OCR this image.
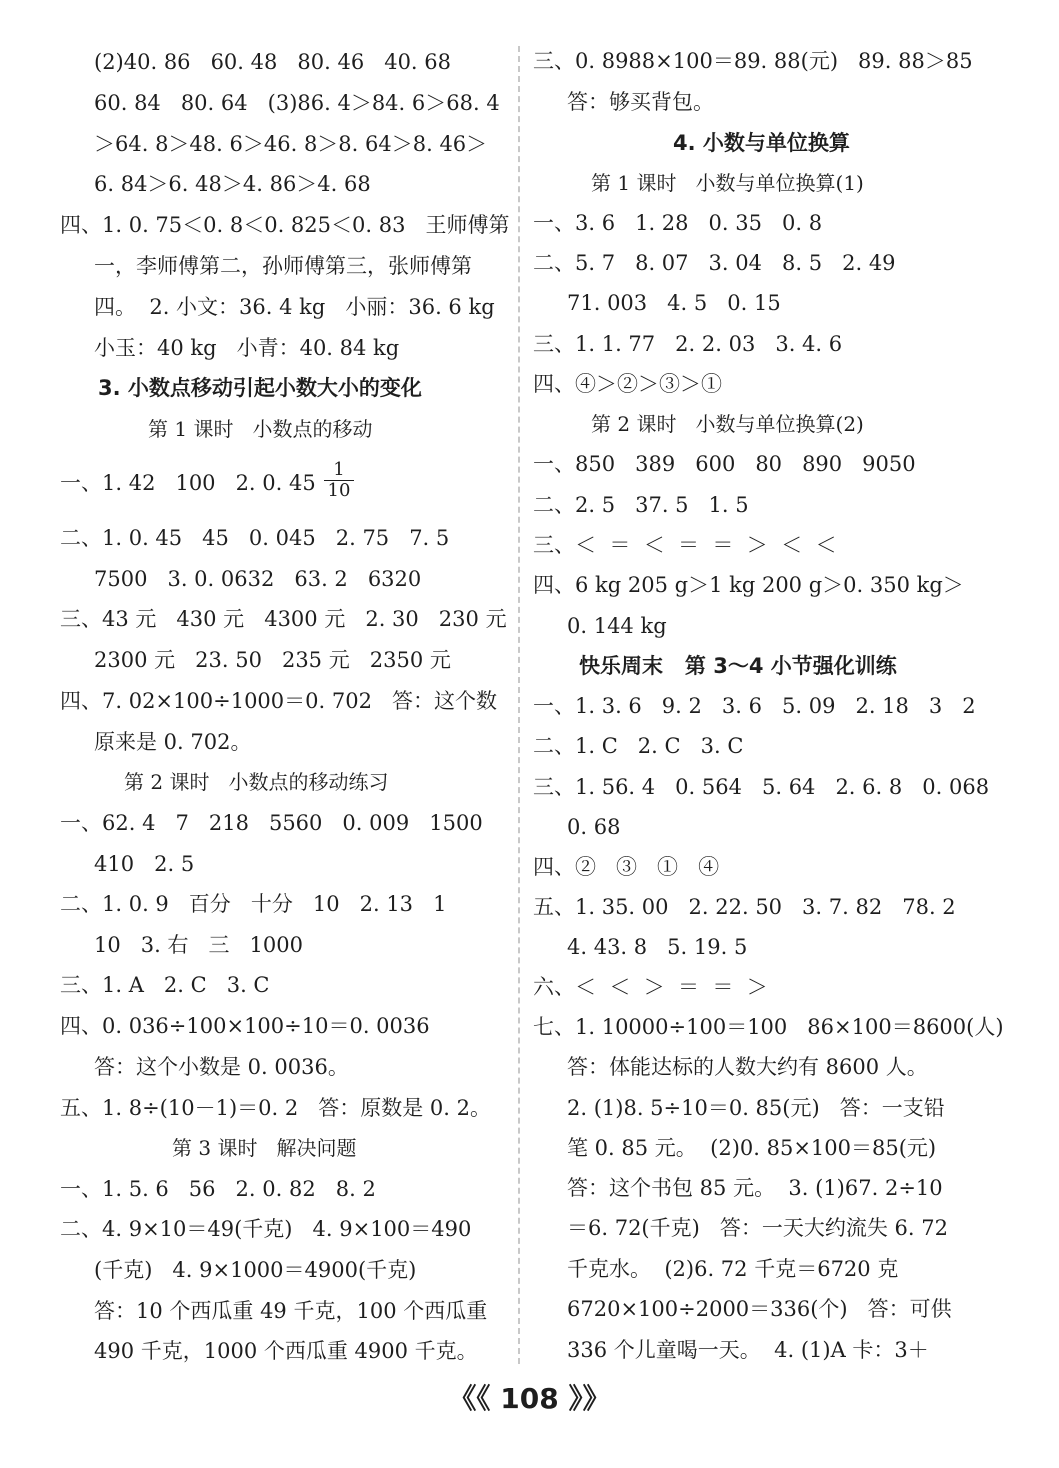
(2)40. 86   60. 48   80. 46   40. 68
60. 84   80. 64   (3)86. 4＞84. 6＞68. 4
＞64. 8＞48. 6＞46. 8＞8. 64＞8. 46＞
6. 84＞6. 48＞4. 86＞4. 68
四、1. 0. 75＜0. 8＜0. 825＜0. 83   王师傅第
一，李师傅第二，孙师傅第三，张师傅第
四。  2. 小文：36. 4 kg   小丽：36. 6 kg
小玉：40 kg   小青：40. 84 kg
3. 小数点移动引起小数大小的变化
第 1 课时   小数点的移动
一、1. 42   100   2. 0. $45 \frac{1}{10}$
二、1. 0. 45   45   0. 045   2. 75   7. 5
7500   3. 0. 0632   63. 2   6320
三、43 元   430 元   4300 元   2. 30   230 元
2300 元   23. 50   235 元   2350 元
四、7. 02×100÷1000＝0. 702   答：这个数
原来是 0. 702。
第 2 课时   小数点的移动练习
一、62. 4   7   218   5560   0. 009   1500
410   2. 5
二、1. 0. 9   百分   十分   10   2. 13   1
10   3. 右   三   1000
三、1. A   2. C   3. C
四、0. 036÷100×100÷10＝0. 0036
答：这个小数是 0. 0036。
五、1. 8÷(10－1)＝0. 2   答：原数是 0. 2。
第 3 课时   解决问题
一、1. 5. 6   56   2. 0. 82   8. 2
二、4. 9×10＝49(千克)   4. 9×100＝490
(千克)   4. 9×1000＝4900(千克)
答：10 个西瓜重 49 千克，100 个西瓜重
490 千克，1000 个西瓜重 4900 千克。
三、0. 8988×100＝89. 88(元)   89. 88＞85
答：够买背包。
4. 小数与单位换算
第 1 课时   小数与单位换算(1)
一、3. 6   1. 28   0. 35   0. 8
二、5. 7   8. 07   3. 04   8. 5   2. 49
71. 003   4. 5   0. 15
三、1. 1. 77   2. 2. 03   3. 4. 6
四、④＞②＞③＞①
第 2 课时   小数与单位换算(2)
一、850   389   600   80   890   9050
二、2. 5   37. 5   1. 5
三、＜  ＝  ＜  ＝  ＝  ＞  ＜  ＜
四、6 kg 205 g＞1 kg 200 g＞0. 350 kg＞
0. 144 kg
快乐周末   第 3～4 小节强化训练
一、1. 3. 6   9. 2   3. 6   5. 09   2. 18   3   2
二、1. C   2. C   3. C
三、1. 56. 4   0. 564   5. 64   2. 6. 8   0. 068
0. 68
四、②   ③   ①   ④
五、1. 35. 00   2. 22. 50   3. 7. 82   78. 2
4. 43. 8   5. 19. 5
六、＜  ＜  ＞  ＝  ＝  ＞
七、1. 10000÷100＝100   86×100＝8600(人)
答：体能达标的人数大约有 8600 人。
2. (1)8. 5÷10＝0. 85(元)   答：一支铅
笔 0. 85 元。  (2)0. 85×100＝85(元)
答：这个书包 85 元。  3. (1)67. 2÷10
＝6. 72(千克)   答：一天大约流失 6. 72
千克水。  (2)6. 72 千克＝6720 克
6720×100÷2000＝336(个)   答：可供
336 个儿童喝一天。  4. (1)A 卡：3＋
《《 108 》》
